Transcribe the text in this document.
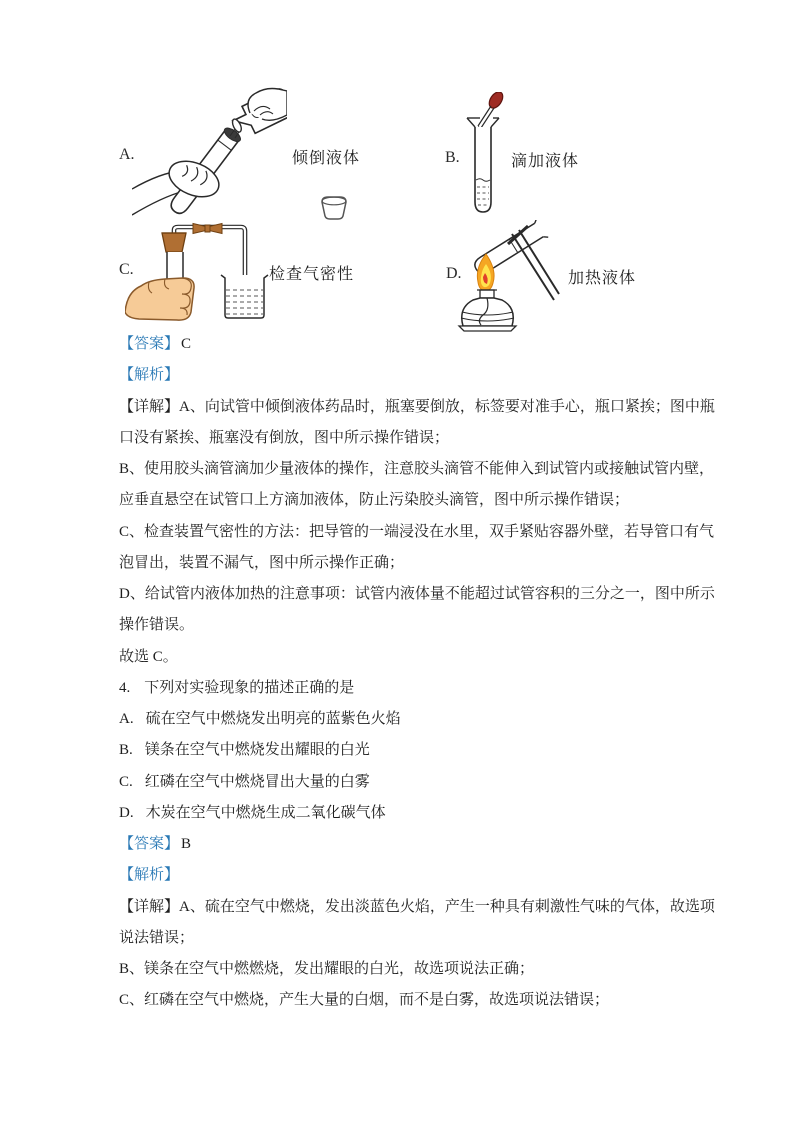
A.	倾倒液体	B.	滴加液体
C.	检查气密性	D.	加热液体
【答案】 C
【解析】
【详解】A、向试管中倾倒液体药品时，瓶塞要倒放，标签要对准手心，瓶口紧挨；图中瓶
口没有紧挨、瓶塞没有倒放，图中所示操作错误；
B、使用胶头滴管滴加少量液体的操作，注意胶头滴管不能伸入到试管内或接触试管内壁，
应垂直悬空在试管口上方滴加液体，防止污染胶头滴管，图中所示操作错误；
C、检查装置气密性的方法：把导管的一端浸没在水里，双手紧贴容器外壁，若导管口有气
泡冒出，装置不漏气，图中所示操作正确；
D、给试管内液体加热的注意事项：试管内液体量不能超过试管容积的三分之一，图中所示
操作错误。
故选 C。
4. 下列对实验现象的描述正确的是
A. 硫在空气中燃烧发出明亮的蓝紫色火焰
B. 镁条在空气中燃烧发出耀眼的白光
C. 红磷在空气中燃烧冒出大量的白雾
D. 木炭在空气中燃烧生成二氧化碳气体
【答案】 B
【解析】
【详解】A、硫在空气中燃烧，发出淡蓝色火焰，产生一种具有刺激性气味的气体，故选项
说法错误；
B、镁条在空气中燃燃烧，发出耀眼的白光，故选项说法正确；
C、红磷在空气中燃烧，产生大量的白烟，而不是白雾，故选项说法错误；
